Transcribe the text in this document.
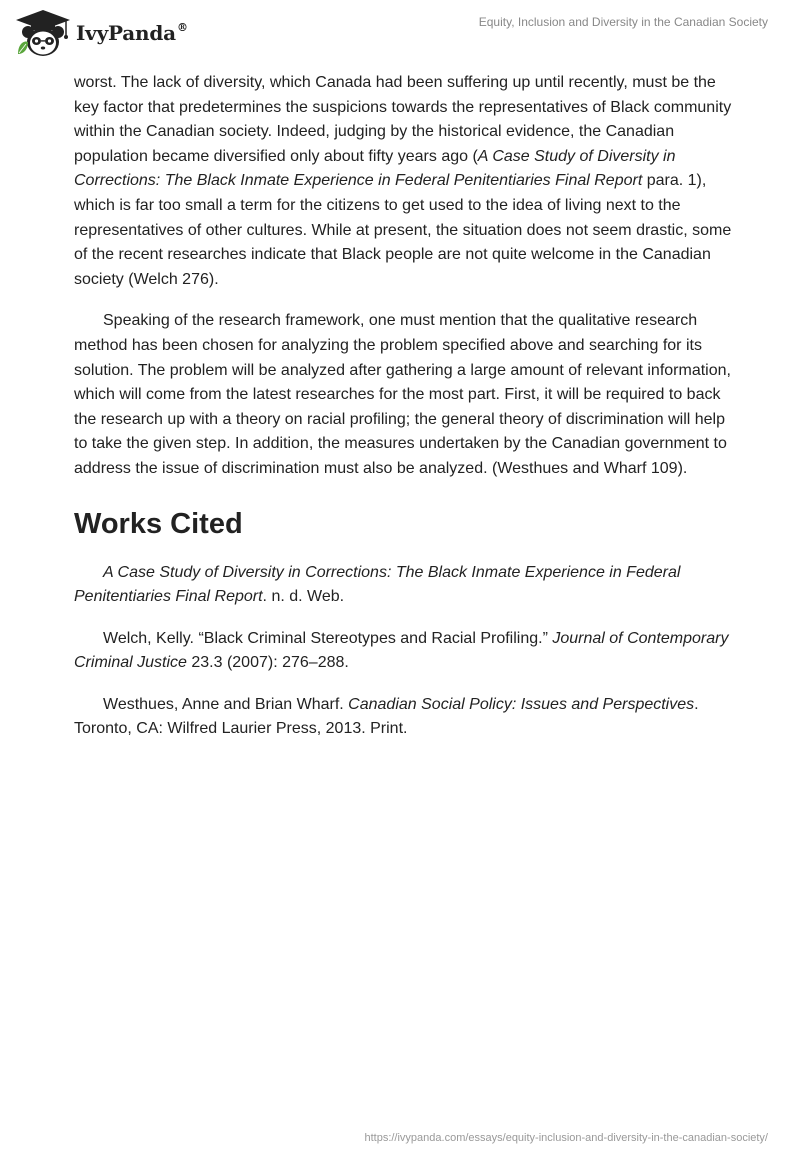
IvyPanda®	Equity, Inclusion and Diversity in the Canadian Society

worst. The lack of diversity, which Canada had been suffering up until recently, must be the key factor that predetermines the suspicions towards the representatives of Black community within the Canadian society. Indeed, judging by the historical evidence, the Canadian population became diversified only about fifty years ago (A Case Study of Diversity in Corrections: The Black Inmate Experience in Federal Penitentiaries Final Report para. 1), which is far too small a term for the citizens to get used to the idea of living next to the representatives of other cultures. While at present, the situation does not seem drastic, some of the recent researches indicate that Black people are not quite welcome in the Canadian society (Welch 276).

Speaking of the research framework, one must mention that the qualitative research method has been chosen for analyzing the problem specified above and searching for its solution. The problem will be analyzed after gathering a large amount of relevant information, which will come from the latest researches for the most part. First, it will be required to back the research up with a theory on racial profiling; the general theory of discrimination will help to take the given step. In addition, the measures undertaken by the Canadian government to address the issue of discrimination must also be analyzed. (Westhues and Wharf 109).

Works Cited

A Case Study of Diversity in Corrections: The Black Inmate Experience in Federal Penitentiaries Final Report. n. d. Web.

Welch, Kelly. “Black Criminal Stereotypes and Racial Profiling.” Journal of Contemporary Criminal Justice 23.3 (2007): 276–288.

Westhues, Anne and Brian Wharf. Canadian Social Policy: Issues and Perspectives. Toronto, CA: Wilfred Laurier Press, 2013. Print.

https://ivypanda.com/essays/equity-inclusion-and-diversity-in-the-canadian-society/
